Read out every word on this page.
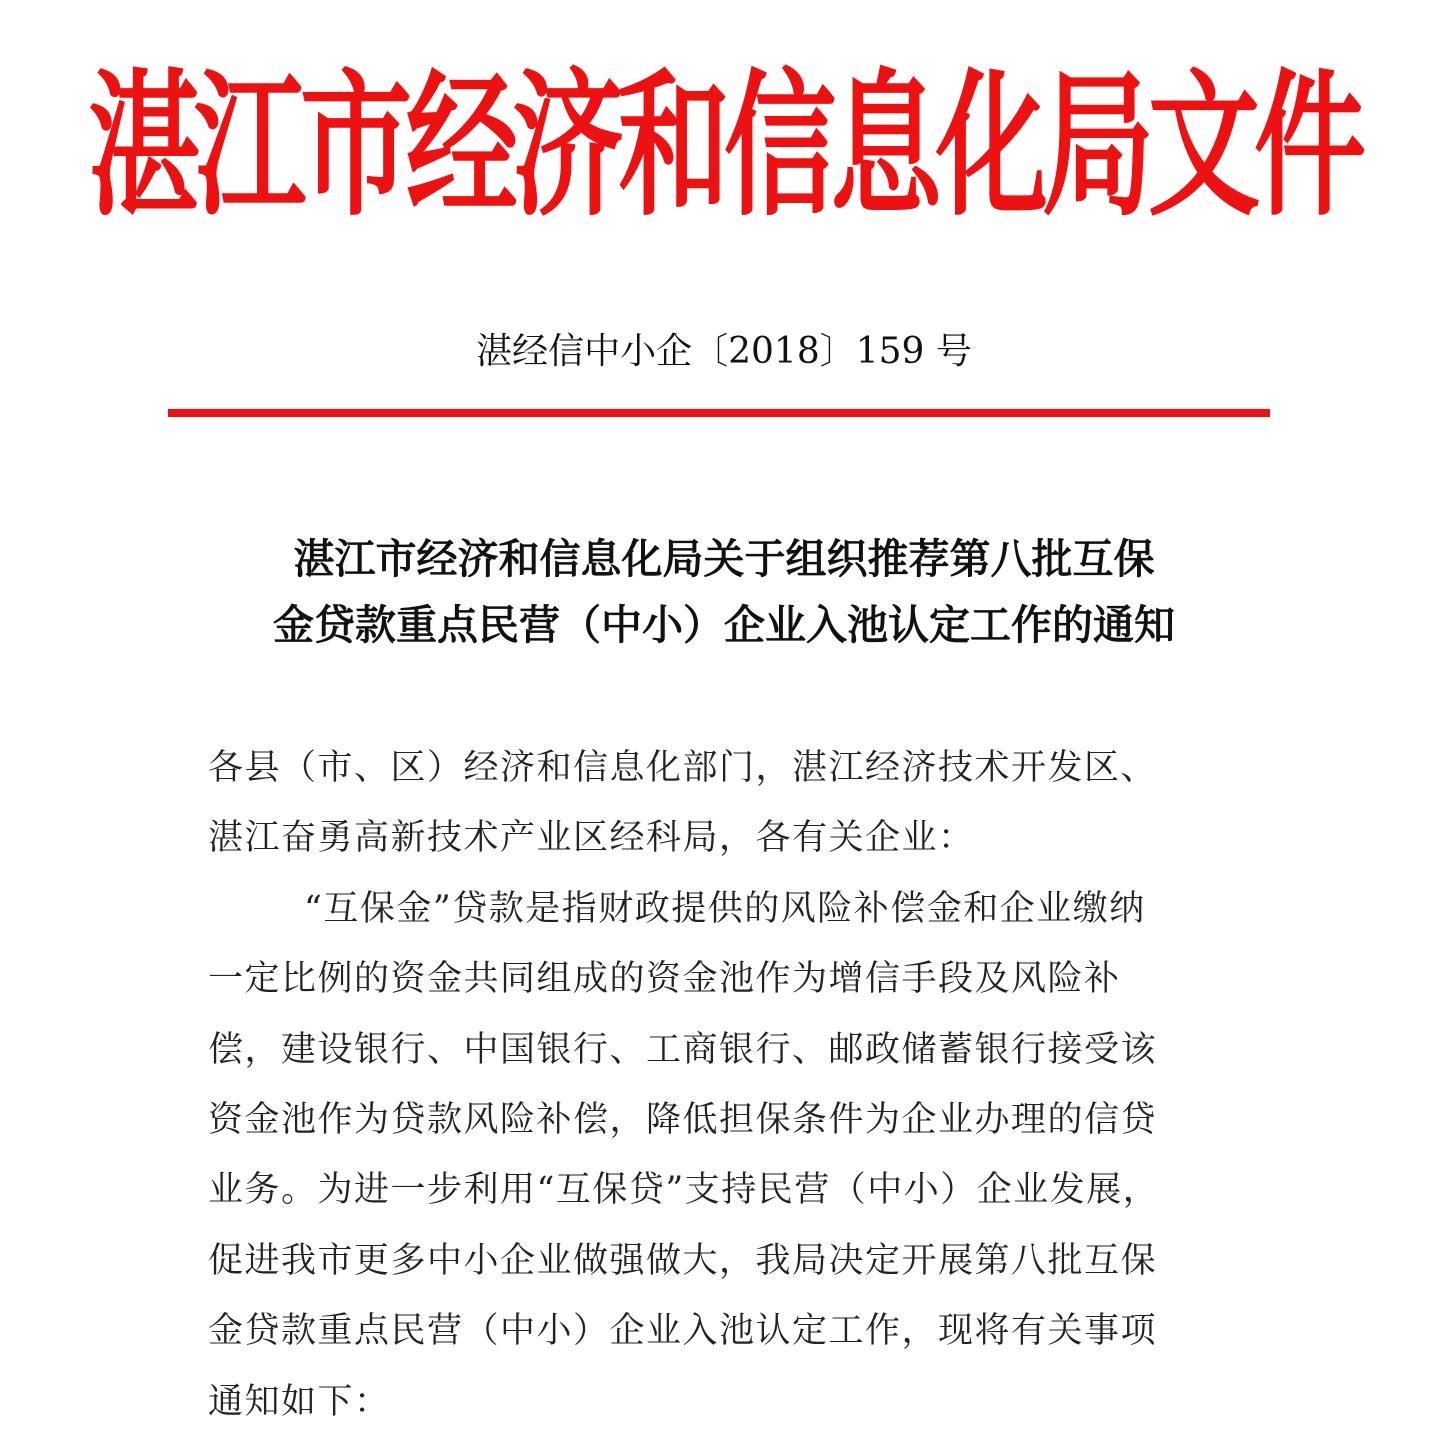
湛江市经济和信息化局文件
湛经信中小企〔2018〕159 号
湛江市经济和信息化局关于组织推荐第八批互保
金贷款重点民营（中小）企业入池认定工作的通知
各县（市、区）经济和信息化部门，湛江经济技术开发区、
湛江奋勇高新技术产业区经科局，各有关企业：
“互保金”贷款是指财政提供的风险补偿金和企业缴纳
一定比例的资金共同组成的资金池作为增信手段及风险补
偿，建设银行、中国银行、工商银行、邮政储蓄银行接受该
资金池作为贷款风险补偿，降低担保条件为企业办理的信贷
业务。为进一步利用“互保贷”支持民营（中小）企业发展，
促进我市更多中小企业做强做大，我局决定开展第八批互保
金贷款重点民营（中小）企业入池认定工作，现将有关事项
通知如下：
